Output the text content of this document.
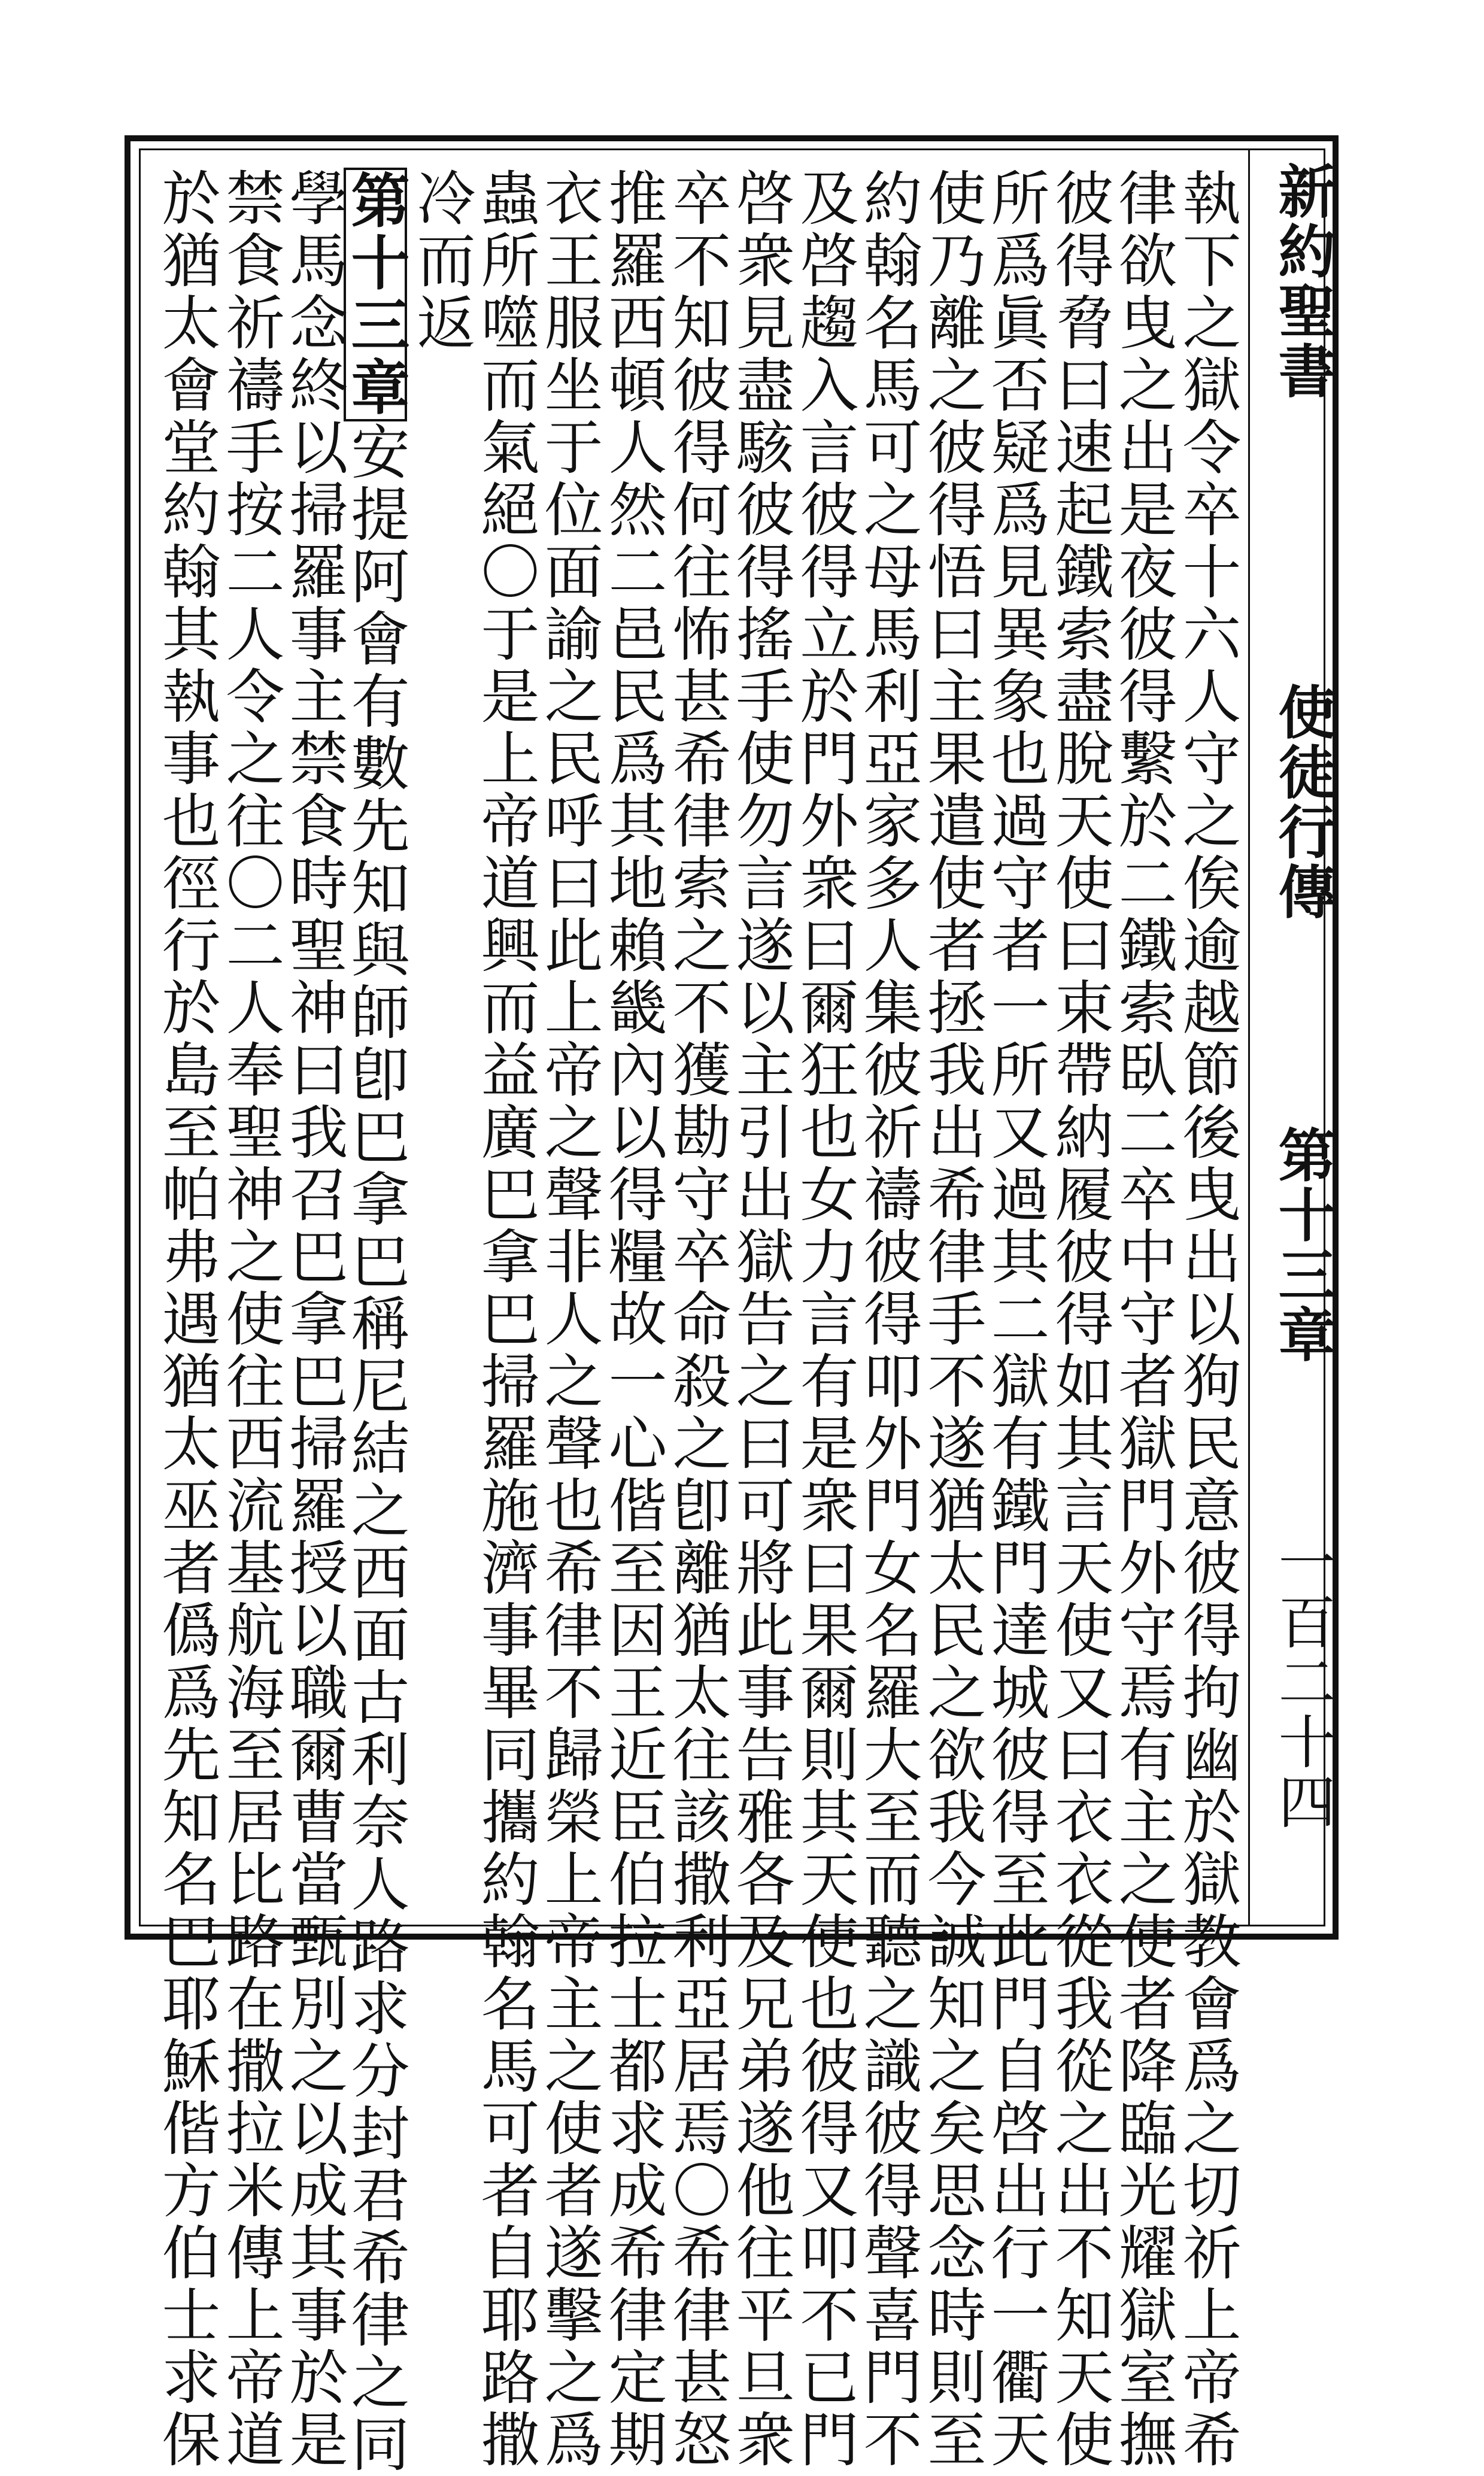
新約聖書
使徒行傳
第十三章
一百二十四
執下之獄令卒十六人守之俟逾越節後曳出以狗民意彼得拘幽於獄教會爲之切祈上帝希
律欲曳之出是夜彼得繫於二鐵索臥二卒中守者獄門外守焉有主之使者降臨光耀獄室撫
彼得脅曰速起鐵索盡脫天使曰束帶納履彼得如其言天使又曰衣衣從我從之出不知天使
所爲眞否疑爲見異象也過守者一所又過其二獄有鐵門達城彼得至此門自啓出行一衢天
使乃離之彼得悟曰主果遣使者拯我出希律手不遂猶太民之欲我今誠知之矣思念時則至
約翰名馬可之母馬利亞家多人集彼祈禱彼得叩外門女名羅大至而聽之識彼得聲喜門不
及啓趨入言彼得立於門外衆曰爾狂也女力言有是衆曰果爾則其天使也彼得又叩不已門
啓衆見盡駭彼得搖手使勿言遂以主引出獄告之曰可將此事告雅各及兄弟遂他往平旦衆
卒不知彼得何往怖甚希律索之不獲勘守卒命殺之卽離猶太往該撒利亞居焉〇希律甚怒
推羅西頓人然二邑民爲其地賴畿內以得糧故一心偕至因王近臣伯拉士都求成希律定期
衣王服坐于位面諭之民呼曰此上帝之聲非人之聲也希律不歸榮上帝主之使者遂擊之爲
蟲所噬而氣絕〇于是上帝道興而益廣巴拿巴掃羅施濟事畢同攜約翰名馬可者自耶路撒
冷而返
第十三章安提阿會有數先知與師卽巴拿巴稱尼結之西面古利奈人路求分封君希律之同
學馬念終以掃羅事主禁食時聖神曰我召巴拿巴掃羅授以職爾曹當甄別之以成其事於是
禁食祈禱手按二人令之往〇二人奉聖神之使往西流基航海至居比路在撒拉米傳上帝道
於猶太會堂約翰其執事也徑行於島至帕弗遇猶太巫者僞爲先知名巴耶穌偕方伯士求保
